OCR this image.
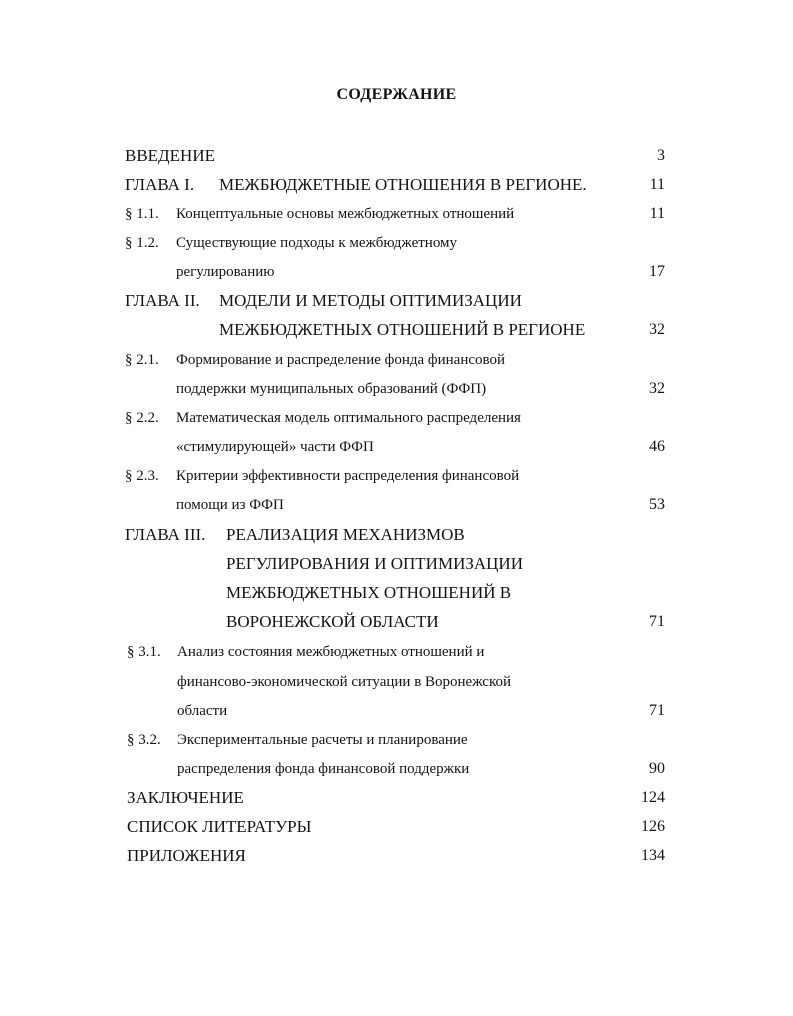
СОДЕРЖАНИЕ
ВВЕДЕНИЕ	3
ГЛАВА I. МЕЖБЮДЖЕТНЫЕ ОТНОШЕНИЯ В РЕГИОНЕ.	11
§ 1.1. Концептуальные основы межбюджетных отношений	11
§ 1.2. Существующие подходы к межбюджетному
регулированию	17
ГЛАВА II. МОДЕЛИ И МЕТОДЫ ОПТИМИЗАЦИИ
МЕЖБЮДЖЕТНЫХ ОТНОШЕНИЙ В РЕГИОНЕ	32
§ 2.1. Формирование и распределение фонда финансовой
поддержки муниципальных образований (ФФП)	32
§ 2.2. Математическая модель оптимального распределения
«стимулирующей» части ФФП	46
§ 2.3. Критерии эффективности распределения финансовой
помощи из ФФП	53
ГЛАВА III. РЕАЛИЗАЦИЯ МЕХАНИЗМОВ
РЕГУЛИРОВАНИЯ И ОПТИМИЗАЦИИ
МЕЖБЮДЖЕТНЫХ ОТНОШЕНИЙ В
ВОРОНЕЖСКОЙ ОБЛАСТИ	71
§ 3.1. Анализ состояния межбюджетных отношений и
финансово-экономической ситуации в Воронежской
области	71
§ 3.2. Экспериментальные расчеты и планирование
распределения фонда финансовой поддержки	90
ЗАКЛЮЧЕНИЕ	124
СПИСОК ЛИТЕРАТУРЫ	126
ПРИЛОЖЕНИЯ	134
